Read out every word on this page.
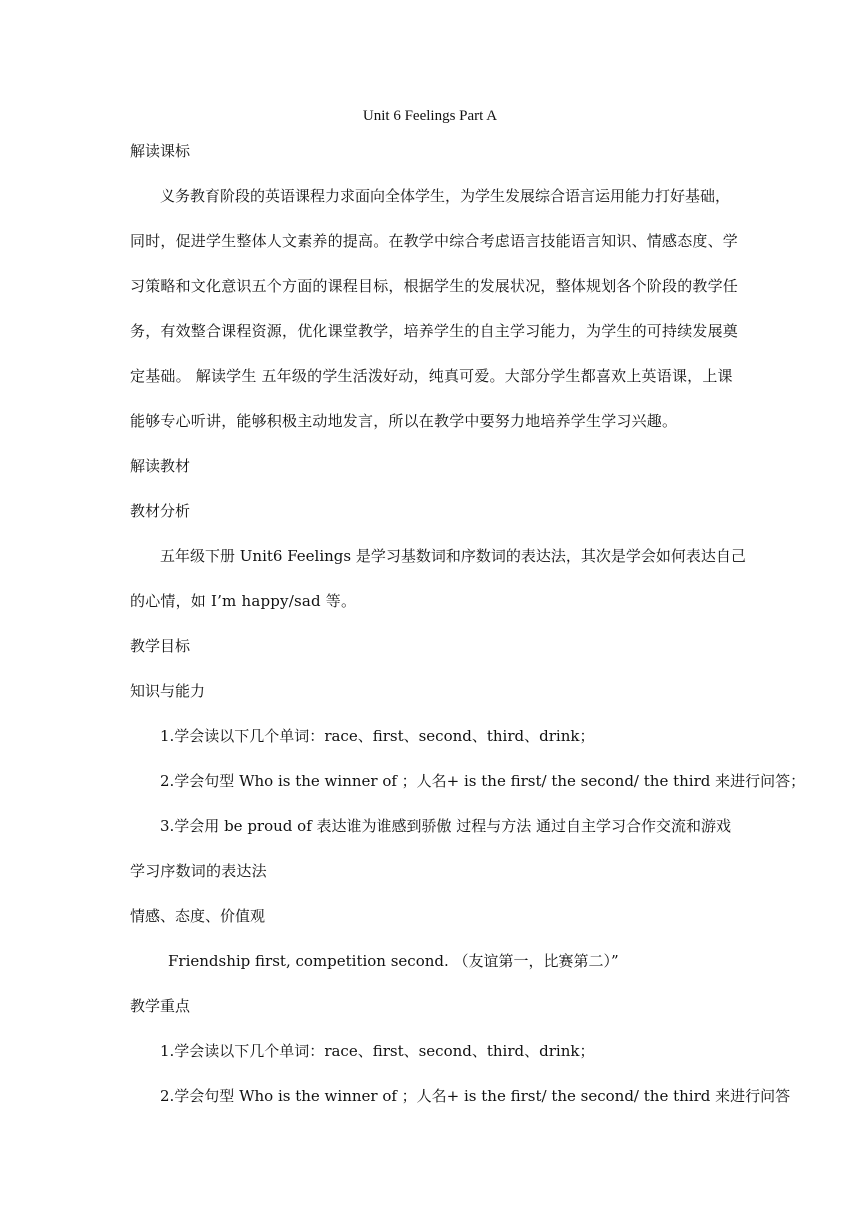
Unit 6 Feelings Part A
解读课标
义务教育阶段的英语课程力求面向全体学生，为学生发展综合语言运用能力打好基础，
同时，促进学生整体人文素养的提高。在教学中综合考虑语言技能语言知识、情感态度、学
习策略和文化意识五个方面的课程目标，根据学生的发展状况，整体规划各个阶段的教学任
务，有效整合课程资源，优化课堂教学，培养学生的自主学习能力，为学生的可持续发展奠
定基础。 解读学生 五年级的学生活泼好动，纯真可爱。大部分学生都喜欢上英语课，上课
能够专心听讲，能够积极主动地发言，所以在教学中要努力地培养学生学习兴趣。
解读教材
教材分析
五年级下册 Unit6 Feelings 是学习基数词和序数词的表达法，其次是学会如何表达自己
的心情，如 I’m happy/sad 等。
教学目标
知识与能力
1.学会读以下几个单词：race、first、second、third、drink；
2.学会句型 Who is the winner of ；人名+ is the first/ the second/ the third 来进行问答；
3.学会用 be proud of 表达谁为谁感到骄傲 过程与方法 通过自主学习合作交流和游戏
学习序数词的表达法
情感、态度、价值观
Friendship first, competition second. （友谊第一，比赛第二）”
教学重点
1.学会读以下几个单词：race、first、second、third、drink；
2.学会句型 Who is the winner of ；人名+ is the first/ the second/ the third 来进行问答
